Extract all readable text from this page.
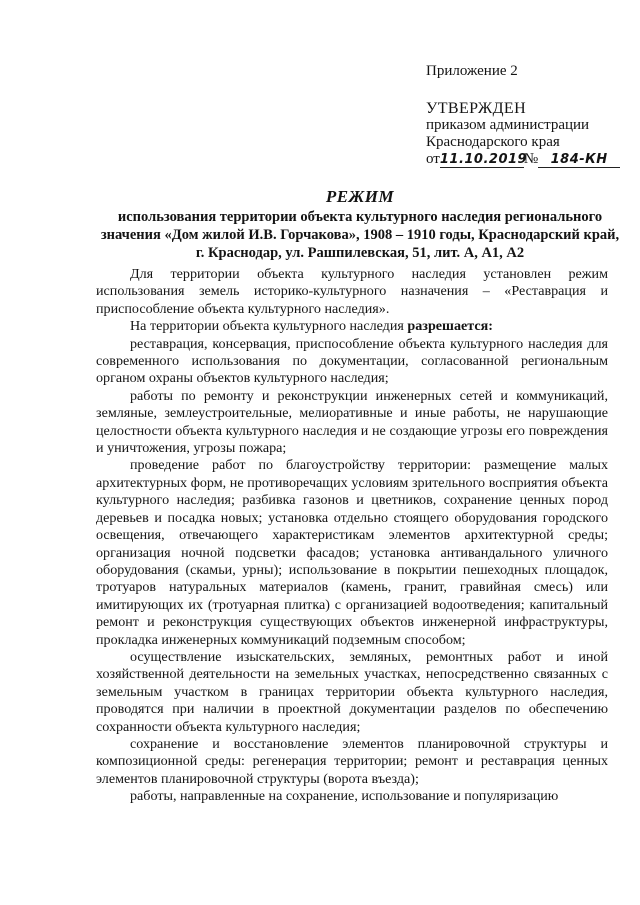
Приложение 2
УТВЕРЖДЕН
приказом администрации
Краснодарского края
от11.10.2019№ 184-КН
РЕЖИМ
использования территории объекта культурного наследия регионального значения «Дом жилой И.В. Горчакова», 1908 – 1910 годы, Краснодарский край, г. Краснодар, ул. Рашпилевская, 51, лит. А, А1, А2

Для территории объекта культурного наследия установлен режим использования земель историко-культурного назначения – «Реставрация и приспособление объекта культурного наследия».

На территории объекта культурного наследия разрешается:

реставрация, консервация, приспособление объекта культурного наследия для современного использования по документации, согласованной региональным органом охраны объектов культурного наследия;

работы по ремонту и реконструкции инженерных сетей и коммуникаций, земляные, землеустроительные, мелиоративные и иные работы, не нарушающие целостности объекта культурного наследия и не создающие угрозы его повреждения и уничтожения, угрозы пожара;

проведение работ по благоустройству территории: размещение малых архитектурных форм, не противоречащих условиям зрительного восприятия объекта культурного наследия; разбивка газонов и цветников, сохранение ценных пород деревьев и посадка новых; установка отдельно стоящего оборудования городского освещения, отвечающего характеристикам элементов архитектурной среды; организация ночной подсветки фасадов; установка антивандального уличного оборудования (скамьи, урны); использование в покрытии пешеходных площадок, тротуаров натуральных материалов (камень, гранит, гравийная смесь) или имитирующих их (тротуарная плитка) с организацией водоотведения; капитальный ремонт и реконструкция существующих объектов инженерной инфраструктуры, прокладка инженерных коммуникаций подземным способом;

осуществление изыскательских, земляных, ремонтных работ и иной хозяйственной деятельности на земельных участках, непосредственно связанных с земельным участком в границах территории объекта культурного наследия, проводятся при наличии в проектной документации разделов по обеспечению сохранности объекта культурного наследия;

сохранение и восстановление элементов планировочной структуры и композиционной среды: регенерация территории; ремонт и реставрация ценных элементов планировочной структуры (ворота въезда);

работы, направленные на сохранение, использование и популяризацию
